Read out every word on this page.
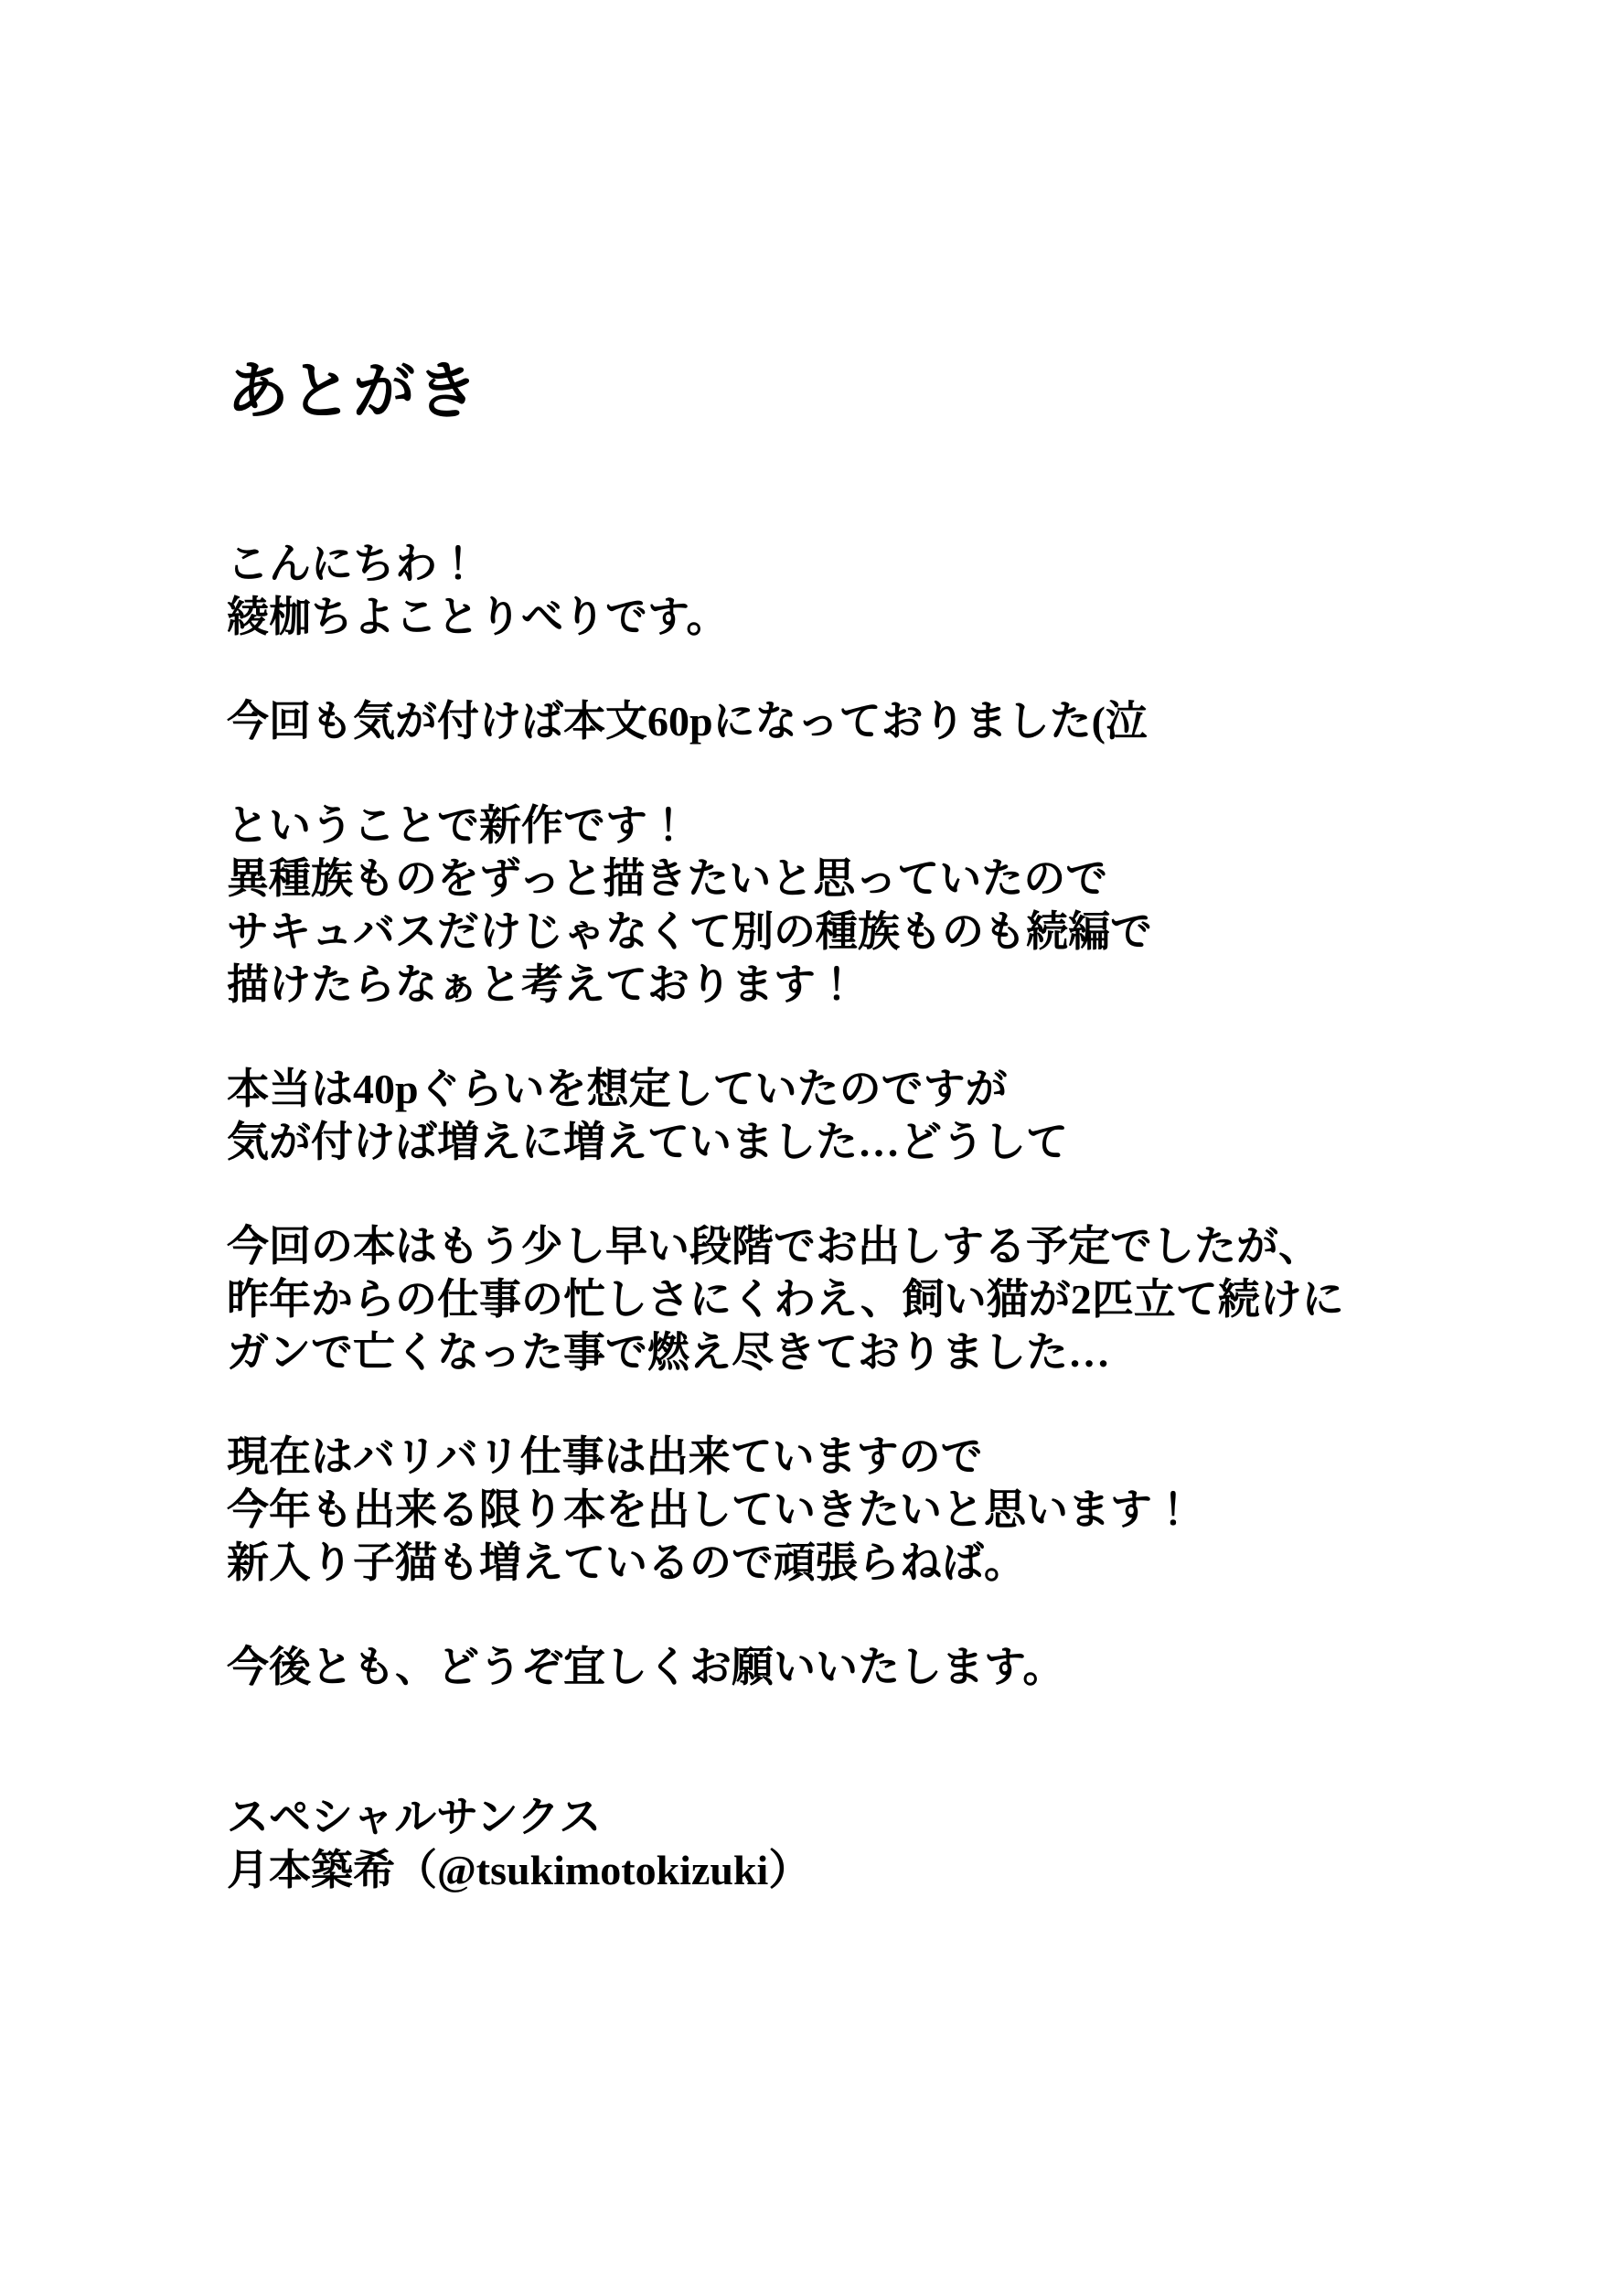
あとがき

こんにちわ！
綾枷ちよことりべりです。

今回も気が付けば本文60pになっておりました(泣

ということで新作です！
異種族ものをずっと描きたいと思っていたので
サキュバスだけじゃなくて別の種族ものも続編で
描けたらなぁと考えております！

本当は40pぐらいを想定していたのですが
気が付けば増えに増えていました…どうして

今回の本はもう少し早い段階でお出しする予定でしたが、
昨年からの仕事の忙しさにくわえ、飼い猫が2匹立て続けに
ガンで亡くなった事で燃え尽きておりました…

現在はバリバリ仕事は出来ていますので
今年も出来る限り本を出していきたいと思います！
新入り子猫も増えているので頑張らねば。

今後とも、どうぞ宜しくお願いいたします。

スペシャルサンクス
月本築希（@tsukimotokizuki）
